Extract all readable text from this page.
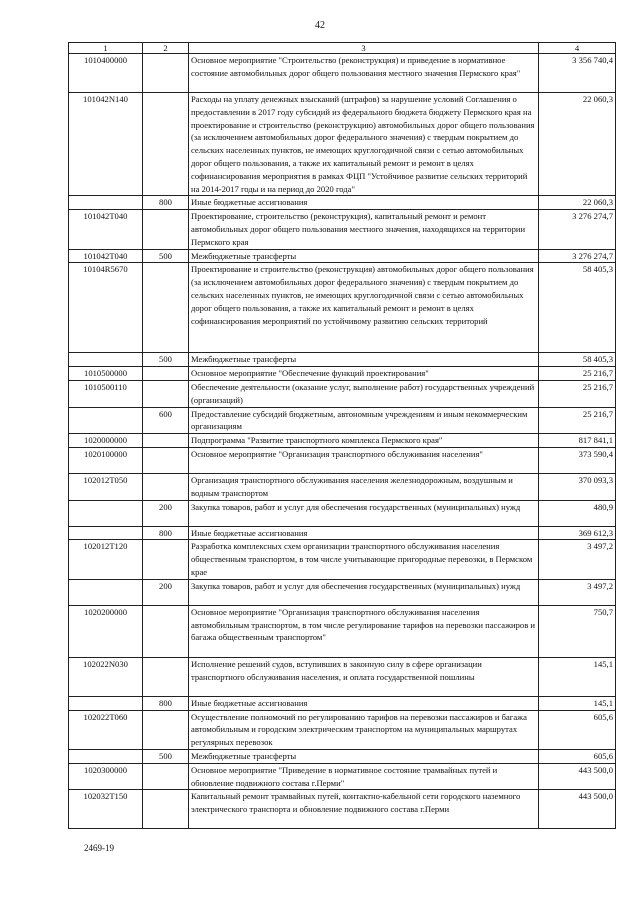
42
1	2	3	4
1010400000		Основное мероприятие "Строительство (реконструкция) и приведение в нормативное состояние автомобильных дорог общего пользования местного значения Пермского края"	3 356 740,4
101042N140		Расходы на уплату денежных взысканий (штрафов) за нарушение условий Соглашения о предоставлении в 2017 году субсидий из федерального бюджета бюджету Пермского края на проектирование и строительство (реконструкцию) автомобильных дорог общего пользования (за исключением автомобильных дорог федерального значения) с твердым покрытием до сельских населенных пунктов, не имеющих круглогодичной связи с сетью автомобильных дорог общего пользования, а также их капитальный ремонт и ремонт в целях софинансирования мероприятия в рамках ФЦП "Устойчивое развитие сельских территорий на 2014-2017 годы и на период до 2020 года"	22 060,3
	800	Иные бюджетные ассигнования	22 060,3
101042T040		Проектирование, строительство (реконструкция), капитальный ремонт и ремонт автомобильных дорог общего пользования местного значения, находящихся на территории Пермского края	3 276 274,7
101042T040	500	Межбюджетные трансферты	3 276 274,7
10104R5670		Проектирование и строительство (реконструкция) автомобильных дорог общего пользования (за исключением автомобильных дорог федерального значения) с твердым покрытием до сельских населенных пунктов, не имеющих круглогодичной связи с сетью автомобильных дорог общего пользования, а также их капитальный ремонт и ремонт в целях софинансирования мероприятий по устойчивому развитию сельских территорий	58 405,3
	500	Межбюджетные трансферты	58 405,3
1010500000		Основное мероприятие "Обеспечение функций проектирования"	25 216,7
1010500110		Обеспечение деятельности (оказание услуг, выполнение работ) государственных учреждений (организаций)	25 216,7
	600	Предоставление субсидий бюджетным, автономным учреждениям и иным некоммерческим организациям	25 216,7
1020000000		Подпрограмма "Развитие транспортного комплекса Пермского края"	817 841,1
1020100000		Основное мероприятие "Организация транспортного обслуживания населения"	373 590,4
102012T050		Организация транспортного обслуживания населения железнодорожным, воздушным и водным транспортом	370 093,3
	200	Закупка товаров, работ и услуг для обеспечения государственных (муниципальных) нужд	480,9
	800	Иные бюджетные ассигнования	369 612,3
102012T120		Разработка комплексных схем организации транспортного обслуживания населения общественным транспортом, в том числе учитывающие пригородные перевозки, в Пермском крае	3 497,2
	200	Закупка товаров, работ и услуг для обеспечения государственных (муниципальных) нужд	3 497,2
1020200000		Основное мероприятие "Организация транспортного обслуживания населения автомобильным транспортом, в том числе регулирование тарифов на перевозки пассажиров и багажа общественным транспортом"	750,7
102022N030		Исполнение решений судов, вступивших в законную силу в сфере организации транспортного обслуживания населения, и оплата государственной пошлины	145,1
	800	Иные бюджетные ассигнования	145,1
102022T060		Осуществление полномочий по регулированию тарифов на перевозки пассажиров и багажа автомобильным и городским электрическим транспортом на муниципальных маршрутах регулярных перевозок	605,6
	500	Межбюджетные трансферты	605,6
1020300000		Основное мероприятие "Приведение в нормативное состояние трамвайных путей и обновление подвижного состава г.Перми"	443 500,0
102032T150		Капитальный ремонт трамвайных путей, контактно-кабельной сети городского наземного электрического транспорта и обновление подвижного состава г.Перми	443 500,0
2469-19
